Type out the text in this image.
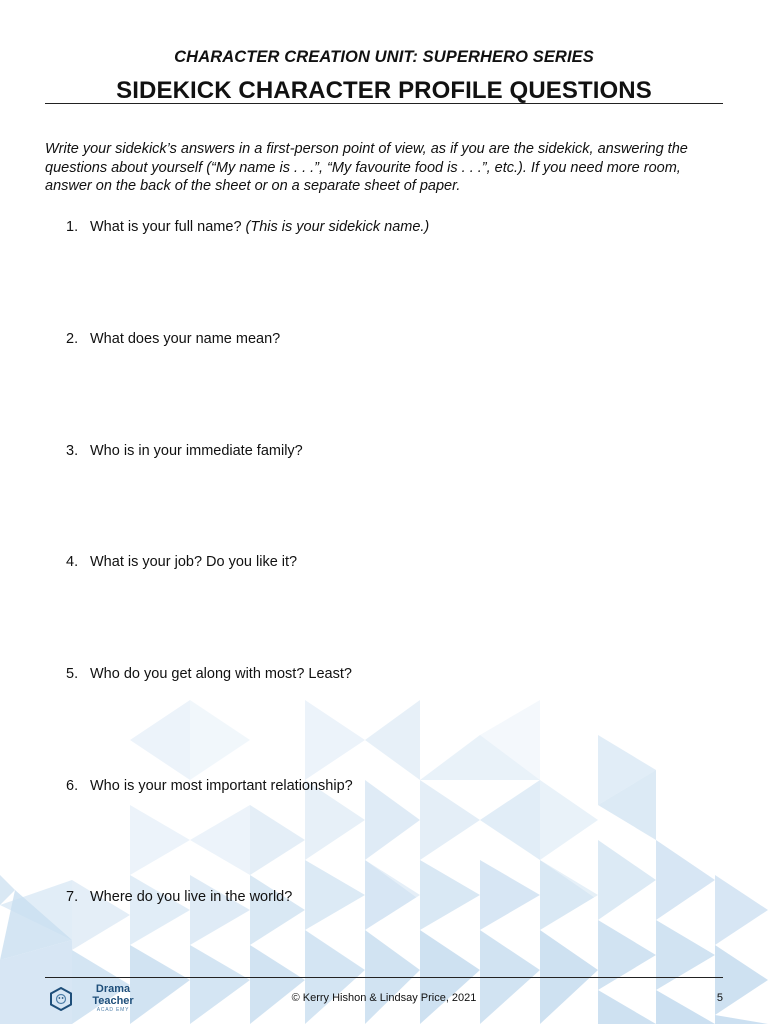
CHARACTER CREATION UNIT: SUPERHERO SERIES
SIDEKICK CHARACTER PROFILE QUESTIONS

Write your sidekick’s answers in a first-person point of view, as if you are the sidekick, answering the questions about yourself (“My name is . . .”, “My favourite food is . . .”, etc.). If you need more room, answer on the back of the sheet or on a separate sheet of paper.

1. What is your full name? (This is your sidekick name.)
2. What does your name mean?
3. Who is in your immediate family?
4. What is your job? Do you like it?
5. Who do you get along with most? Least?
6. Who is your most important relationship?
7. Where do you live in the world?
Drama
Teacher
ACAD EMY
© Kerry Hishon & Lindsay Price, 2021	5
